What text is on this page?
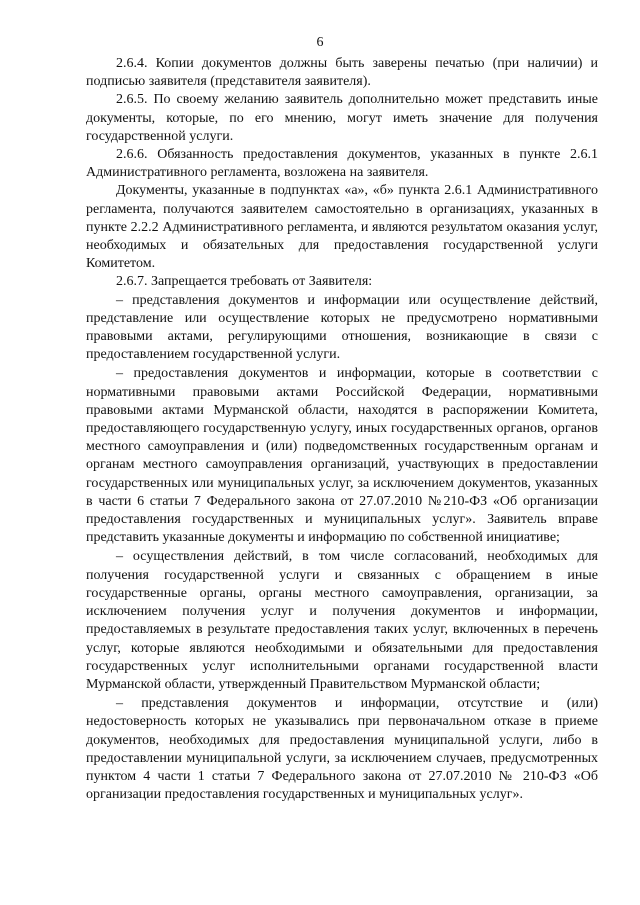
6

2.6.4. Копии документов должны быть заверены печатью (при наличии) и подписью заявителя (представителя заявителя).

2.6.5. По своему желанию заявитель дополнительно может представить иные документы, которые, по его мнению, могут иметь значение для получения государственной услуги.

2.6.6. Обязанность предоставления документов, указанных в пункте 2.6.1 Административного регламента, возложена на заявителя.

Документы, указанные в подпунктах «а», «б» пункта 2.6.1 Административного регламента, получаются заявителем самостоятельно в организациях, указанных в пункте 2.2.2 Административного регламента, и являются результатом оказания услуг, необходимых и обязательных для предоставления государственной услуги Комитетом.

2.6.7. Запрещается требовать от Заявителя:

– представления документов и информации или осуществление действий, представление или осуществление которых не предусмотрено нормативными правовыми актами, регулирующими отношения, возникающие в связи с предоставлением государственной услуги.

– предоставления документов и информации, которые в соответствии с нормативными правовыми актами Российской Федерации, нормативными правовыми актами Мурманской области, находятся в распоряжении Комитета, предоставляющего государственную услугу, иных государственных органов, органов местного самоуправления и (или) подведомственных государственным органам и органам местного самоуправления организаций, участвующих в предоставлении государственных или муниципальных услуг, за исключением документов, указанных в части 6 статьи 7 Федерального закона от 27.07.2010 №210-ФЗ «Об организации предоставления государственных и муниципальных услуг». Заявитель вправе представить указанные документы и информацию по собственной инициативе;

– осуществления действий, в том числе согласований, необходимых для получения государственной услуги и связанных с обращением в иные государственные органы, органы местного самоуправления, организации, за исключением получения услуг и получения документов и информации, предоставляемых в результате предоставления таких услуг, включенных в перечень услуг, которые являются необходимыми и обязательными для предоставления государственных услуг исполнительными органами государственной власти Мурманской области, утвержденный Правительством Мурманской области;

– представления документов и информации, отсутствие и (или) недостоверность которых не указывались при первоначальном отказе в приеме документов, необходимых для предоставления муниципальной услуги, либо в предоставлении муниципальной услуги, за исключением случаев, предусмотренных пунктом 4 части 1 статьи 7 Федерального закона от 27.07.2010 № 210-ФЗ «Об организации предоставления государственных и муниципальных услуг».
